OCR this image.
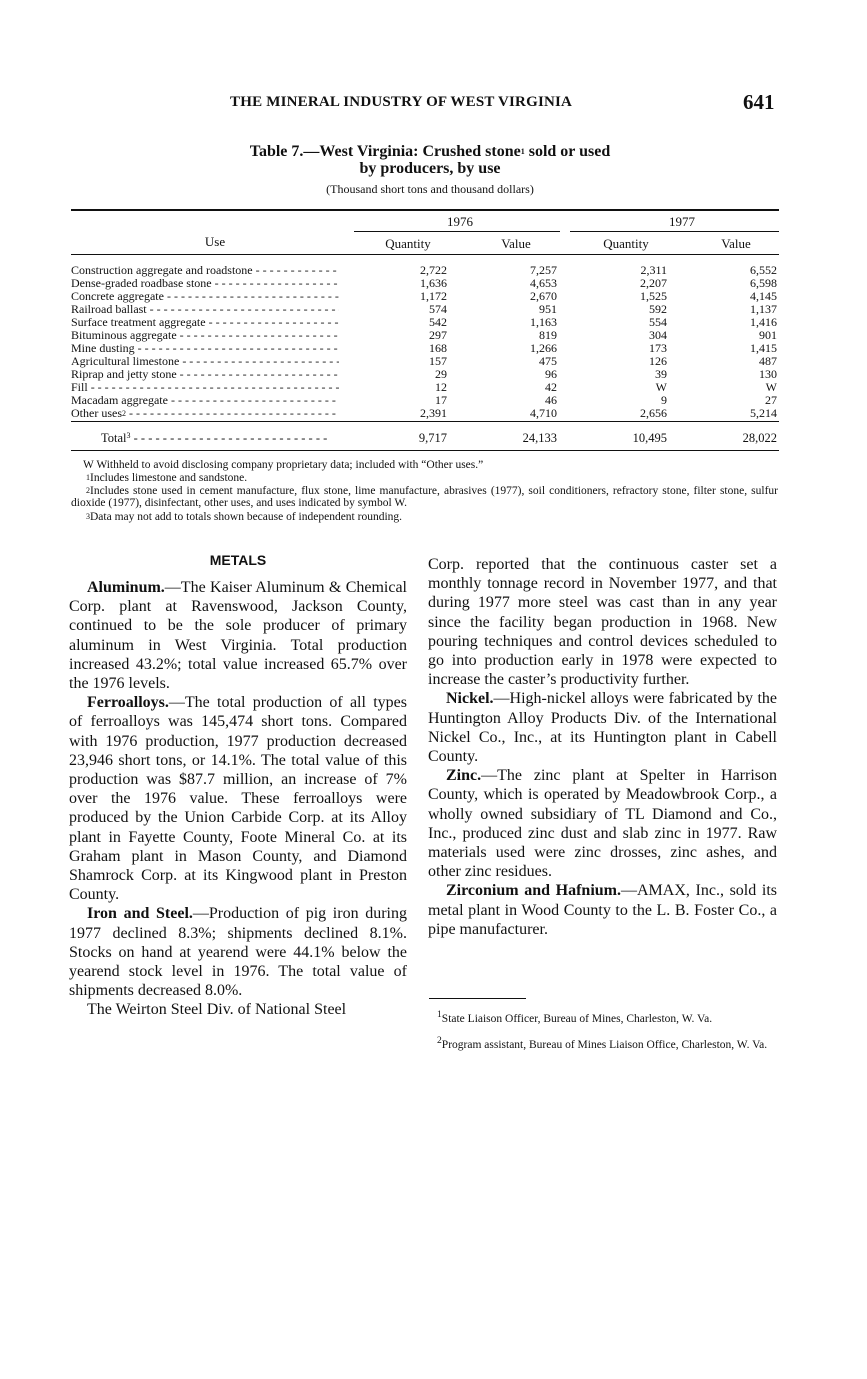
THE MINERAL INDUSTRY OF WEST VIRGINIA	641
Table 7.—West Virginia: Crushed stone$^1$ sold or used
by producers, by use
(Thousand short tons and thousand dollars)
Use
1976	1977
Quantity	Value	Quantity	Value
Construction aggregate and roadstone - - -	2,722	7,257	2,311	6,552
Dense-graded roadbase stone - - -	1,636	4,653	2,207	6,598
Concrete aggregate - - -	1,172	2,670	1,525	4,145
Railroad ballast - - -	574	951	592	1,137
Surface treatment aggregate - - -	542	1,163	554	1,416
Bituminous aggregate - - -	297	819	304	901
Mine dusting - - -	168	1,266	173	1,415
Agricultural limestone - - -	157	475	126	487
Riprap and jetty stone - - -	29	96	39	130
Fill - - -	12	42	W	W
Macadam aggregate - - -	17	46	9	27
Other uses$^2$ - - -	2,391	4,710	2,656	5,214
Total$^3$ - - -	9,717	24,133	10,495	28,022
W Withheld to avoid disclosing company proprietary data; included with “Other uses.”
$^1$Includes limestone and sandstone.
$^2$Includes stone used in cement manufacture, flux stone, lime manufacture, abrasives (1977), soil conditioners, refractory stone, filter stone, sulfur dioxide (1977), disinfectant, other uses, and uses indicated by symbol W.
$^3$Data may not add to totals shown because of independent rounding.
METALS

Aluminum.—The Kaiser Aluminum & Chemical Corp. plant at Ravenswood, Jackson County, continued to be the sole producer of primary aluminum in West Virginia. Total production increased 43.2%; total value increased 65.7% over the 1976 levels.

Ferroalloys.—The total production of all types of ferroalloys was 145,474 short tons. Compared with 1976 production, 1977 production decreased 23,946 short tons, or 14.1%. The total value of this production was $87.7 million, an increase of 7% over the 1976 value. These ferroalloys were produced by the Union Carbide Corp. at its Alloy plant in Fayette County, Foote Mineral Co. at its Graham plant in Mason County, and Diamond Shamrock Corp. at its Kingwood plant in Preston County.

Iron and Steel.—Production of pig iron during 1977 declined 8.3%; shipments declined 8.1%. Stocks on hand at yearend were 44.1% below the yearend stock level in 1976. The total value of shipments decreased 8.0%.

The Weirton Steel Div. of National Steel

Corp. reported that the continuous caster set a monthly tonnage record in November 1977, and that during 1977 more steel was cast than in any year since the facility began production in 1968. New pouring techniques and control devices scheduled to go into production early in 1978 were expected to increase the caster’s productivity further.

Nickel.—High-nickel alloys were fabricated by the Huntington Alloy Products Div. of the International Nickel Co., Inc., at its Huntington plant in Cabell County.

Zinc.—The zinc plant at Spelter in Harrison County, which is operated by Meadowbrook Corp., a wholly owned subsidiary of TL Diamond and Co., Inc., produced zinc dust and slab zinc in 1977. Raw materials used were zinc drosses, zinc ashes, and other zinc residues.

Zirconium and Hafnium.—AMAX, Inc., sold its metal plant in Wood County to the L. B. Foster Co., a pipe manufacturer.

$^1$State Liaison Officer, Bureau of Mines, Charleston, W. Va.
$^2$Program assistant, Bureau of Mines Liaison Office, Charleston, W. Va.
